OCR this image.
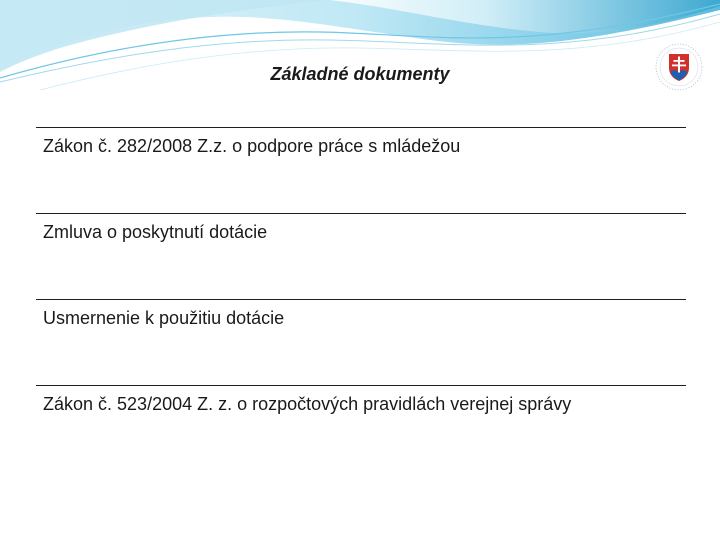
Základné dokumenty
Zákon č. 282/2008 Z.z. o podpore práce s mládežou
Zmluva o poskytnutí dotácie
Usmernenie k použitiu dotácie
Zákon č. 523/2004 Z. z. o rozpočtových pravidlách verejnej správy
